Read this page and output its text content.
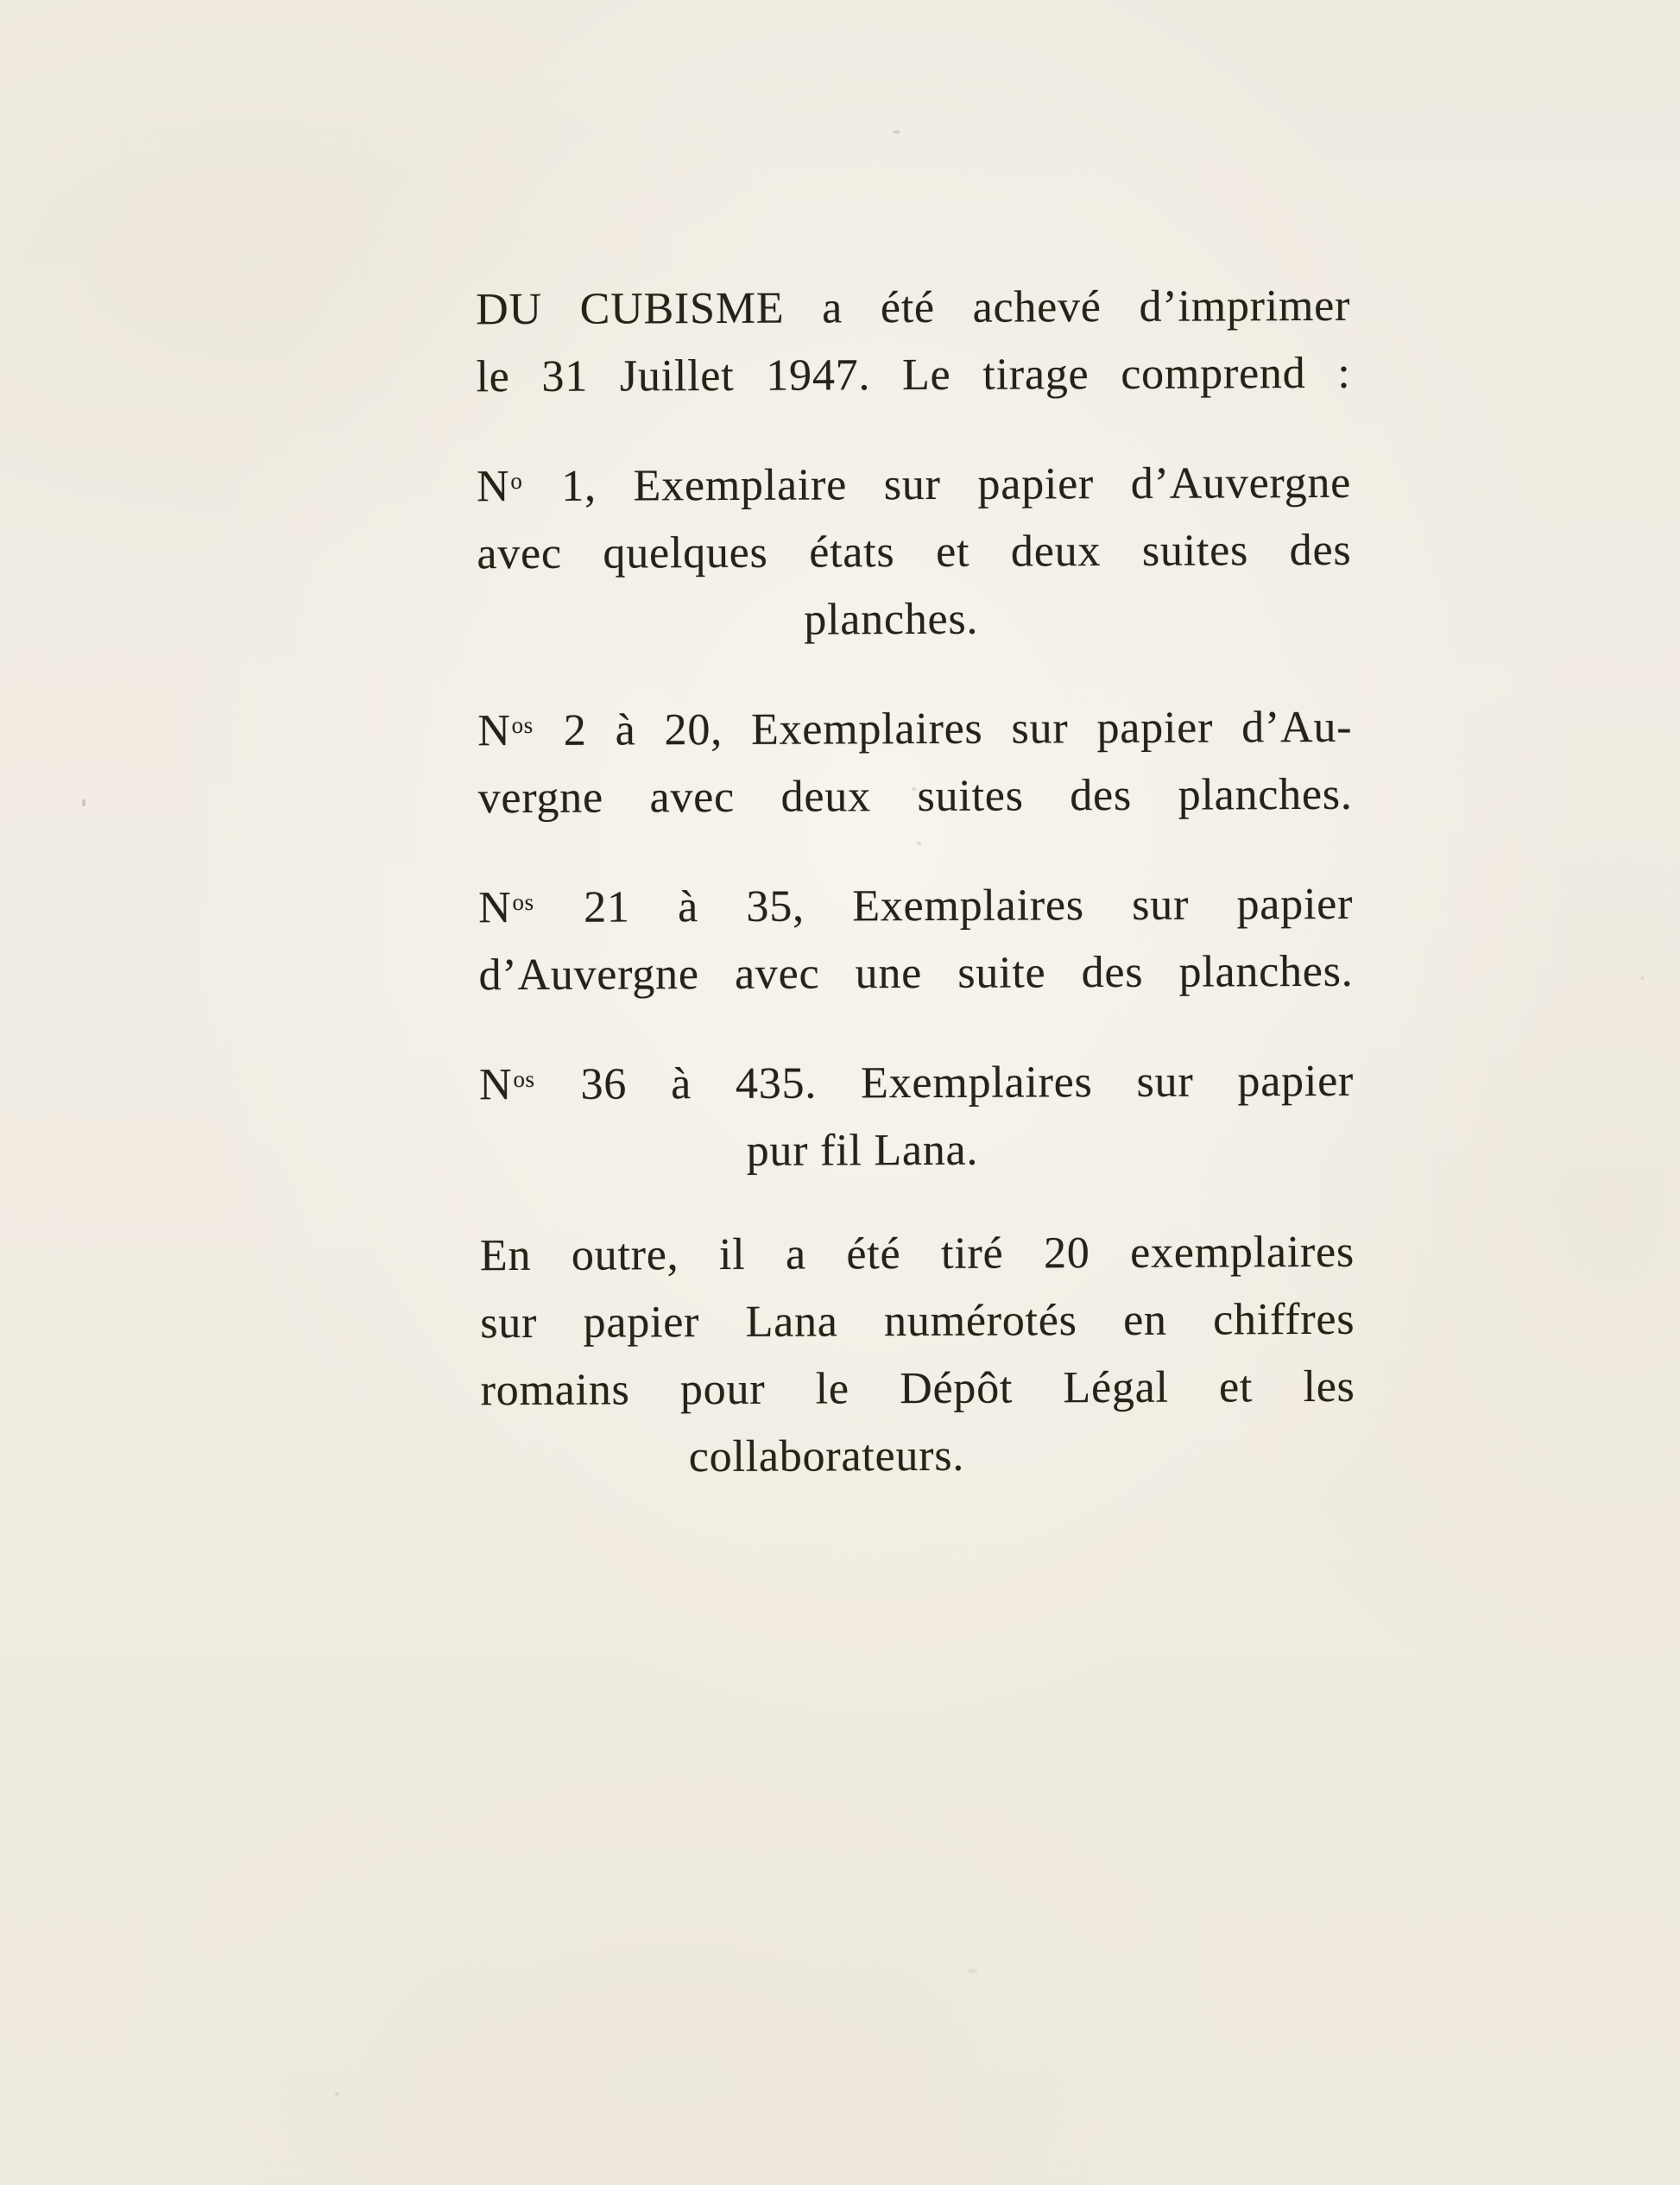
DU CUBISME a été achevé d’imprimer
le 31 Juillet 1947. Le tirage comprend :
$N^o$ 1, Exemplaire sur papier d’Auvergne
avec quelques états et deux suites des
planches.
$N^{os}$ 2 à 20, Exemplaires sur papier d’Au-
vergne avec deux suites des planches.
$N^{os}$ 21 à 35, Exemplaires sur papier
d’Auvergne avec une suite des planches.
$N^{os}$ 36 à 435. Exemplaires sur papier
pur fil Lana.
En outre, il a été tiré 20 exemplaires
sur papier Lana numérotés en chiffres
romains pour le Dépôt Légal et les
collaborateurs.
